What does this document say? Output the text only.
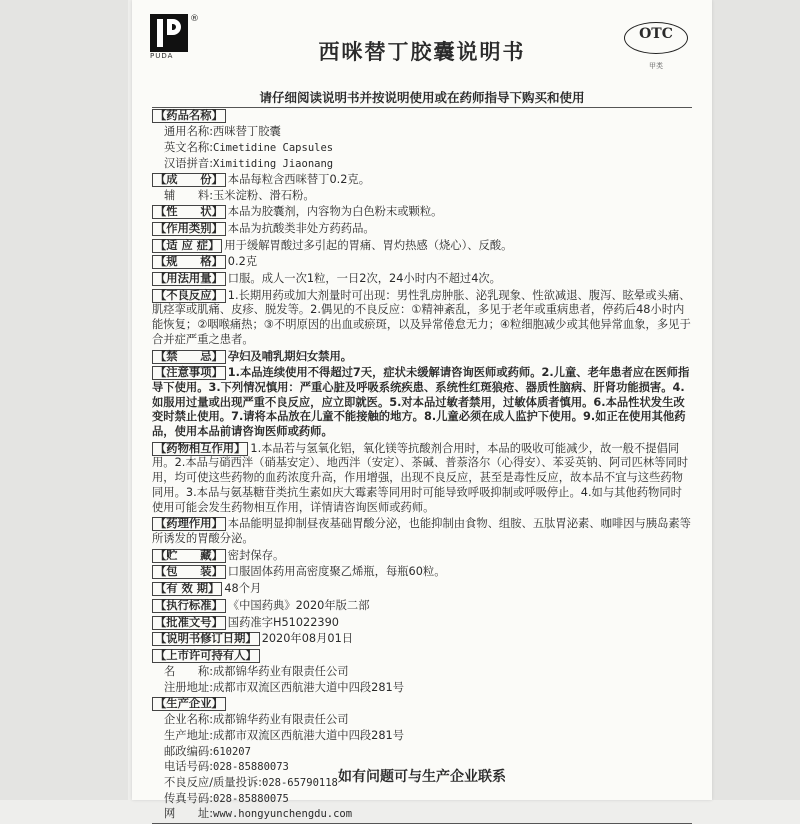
®
PUDA
OTC
甲类
西咪替丁胶囊说明书
请仔细阅读说明书并按说明使用或在药师指导下购买和使用
【药品名称】
通用名称:西咪替丁胶囊
英文名称:Cimetidine Capsules
汉语拼音:Ximitiding Jiaonang
【成　　份】 本品每粒含西咪替丁0.2克。
辅　　料:玉米淀粉、滑石粉。
【性　　状】 本品为胶囊剂，内容物为白色粉末或颗粒。
【作用类别】 本品为抗酸类非处方药药品。
【适 应 症】 用于缓解胃酸过多引起的胃痛、胃灼热感（烧心）、反酸。
【规　　格】 0.2克
【用法用量】 口服。成人一次1粒，一日2次，24小时内不超过4次。
【不良反应】 1.长期用药或加大剂量时可出现：男性乳房肿胀、泌乳现象、性欲减退、腹泻、眩晕或头痛、肌痉挛或肌痛、皮疹、脱发等。2.偶见的不良反应：①精神紊乱，多见于老年或重病患者，停药后48小时内能恢复；②咽喉痛热；③不明原因的出血或瘀斑，以及异常倦怠无力；④粒细胞减少或其他异常血象，多见于合并症严重之患者。
【禁　　忌】 孕妇及哺乳期妇女禁用。
【注意事项】 1.本品连续使用不得超过7天，症状未缓解请咨询医师或药师。2.儿童、老年患者应在医师指导下使用。3.下列情况慎用：严重心脏及呼吸系统疾患、系统性红斑狼疮、器质性脑病、肝肾功能损害。4.如服用过量或出现严重不良反应，应立即就医。5.对本品过敏者禁用，过敏体质者慎用。6.本品性状发生改变时禁止使用。7.请将本品放在儿童不能接触的地方。8.儿童必须在成人监护下使用。9.如正在使用其他药品，使用本品前请咨询医师或药师。
【药物相互作用】 1.本品若与氢氧化铝，氧化镁等抗酸剂合用时，本品的吸收可能减少，故一般不提倡同用。2.本品与硝西泮（硝基安定）、地西泮（安定）、茶碱、普萘洛尔（心得安）、苯妥英钠、阿司匹林等同时用，均可使这些药物的血药浓度升高，作用增强，出现不良反应，甚至是毒性反应，故本品不宜与这些药物同用。3.本品与氨基糖苷类抗生素如庆大霉素等同用时可能导致呼吸抑制或呼吸停止。4.如与其他药物同时使用可能会发生药物相互作用，详情请咨询医师或药师。
【药理作用】 本品能明显抑制昼夜基础胃酸分泌，也能抑制由食物、组胺、五肽胃泌素、咖啡因与胰岛素等所诱发的胃酸分泌。
【贮　　藏】 密封保存。
【包　　装】 口服固体药用高密度聚乙烯瓶，每瓶60粒。
【有 效 期】 48个月
【执行标准】 《中国药典》2020年版二部
【批准文号】 国药准字H51022390
【说明书修订日期】 2020年08月01日
【上市许可持有人】
名　　称:成都锦华药业有限责任公司
注册地址:成都市双流区西航港大道中四段281号
【生产企业】
企业名称:成都锦华药业有限责任公司
生产地址:成都市双流区西航港大道中四段281号
邮政编码:610207
电话号码:028-85880073
不良反应/质量投诉:028-65790118
传真号码:028-85880075
网　　址:www.hongyunchengdu.com
如有问题可与生产企业联系
